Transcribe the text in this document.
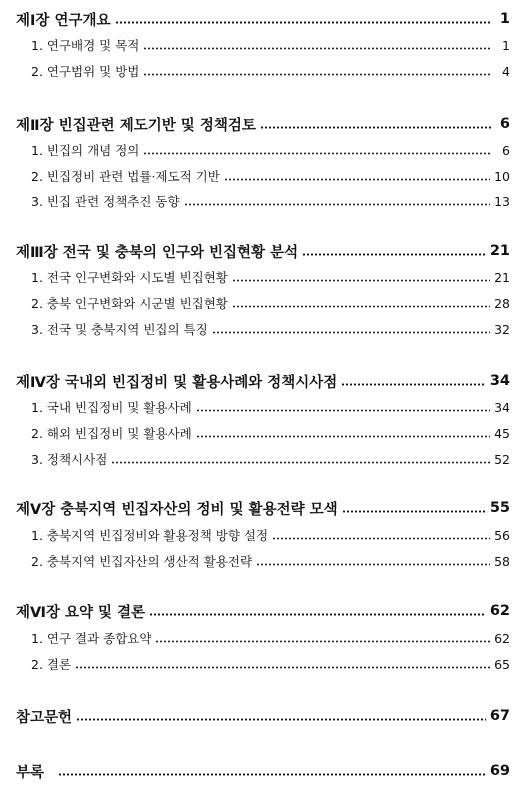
제Ⅰ장 연구개요	1
1. 연구배경 및 목적	1
2. 연구범위 및 방법	4
제Ⅱ장 빈집관련 제도기반 및 정책검토	6
1. 빈집의 개념 정의	6
2. 빈집정비 관련 법률·제도적 기반	10
3. 빈집 관련 정책추진 동향	13
제Ⅲ장 전국 및 충북의 인구와 빈집현황 분석	21
1. 전국 인구변화와 시도별 빈집현황	21
2. 충북 인구변화와 시군별 빈집현황	28
3. 전국 및 충북지역 빈집의 특징	32
제Ⅳ장 국내외 빈집정비 및 활용사례와 정책시사점	34
1. 국내 빈집정비 및 활용사례	34
2. 해외 빈집정비 및 활용사례	45
3. 정책시사점	52
제Ⅴ장 충북지역 빈집자산의 정비 및 활용전략 모색	55
1. 충북지역 빈집정비와 활용정책 방향 설정	56
2. 충북지역 빈집자산의 생산적 활용전략	58
제Ⅵ장 요약 및 결론	62
1. 연구 결과 종합요약	62
2. 결론	65
참고문헌	67
부록	69
